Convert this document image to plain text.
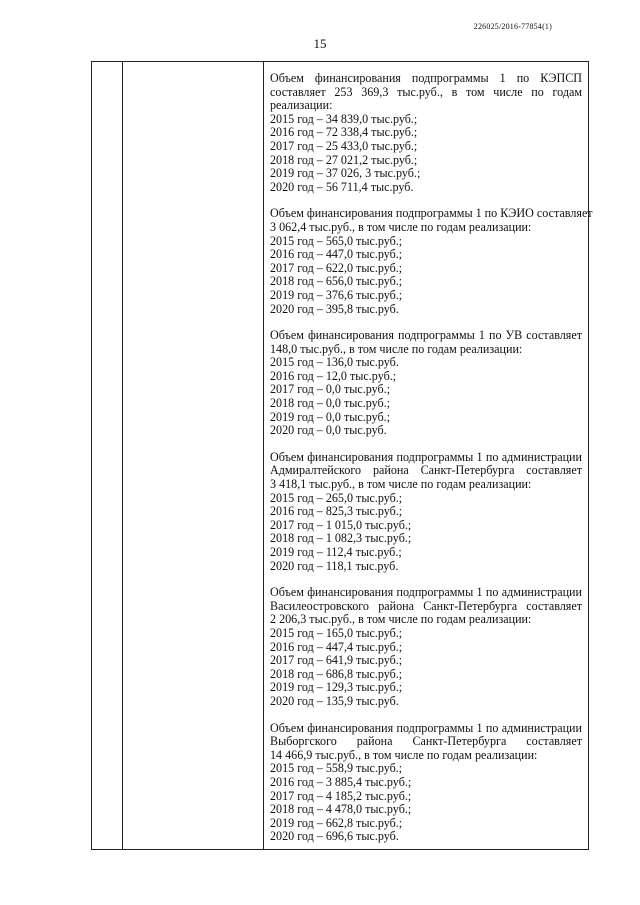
226025/2016-77854(1)
15
Объем финансирования подпрограммы 1 по КЭПСП
составляет 253 369,3 тыс.руб., в том числе по годам
реализации:
2015 год – 34 839,0 тыс.руб.;
2016 год – 72 338,4 тыс.руб.;
2017 год – 25 433,0 тыс.руб.;
2018 год – 27 021,2 тыс.руб.;
2019 год – 37 026, 3 тыс.руб.;
2020 год – 56 711,4 тыс.руб.
Объем финансирования подпрограммы 1 по КЭИО составляет
3 062,4 тыс.руб., в том числе по годам реализации:
2015 год – 565,0 тыс.руб.;
2016 год – 447,0 тыс.руб.;
2017 год – 622,0 тыс.руб.;
2018 год – 656,0 тыс.руб.;
2019 год – 376,6 тыс.руб.;
2020 год – 395,8 тыс.руб.
Объем финансирования подпрограммы 1 по УВ составляет
148,0 тыс.руб., в том числе по годам реализации:
2015 год – 136,0 тыс.руб.
2016 год – 12,0 тыс.руб.;
2017 год – 0,0 тыс.руб.;
2018 год – 0,0 тыс.руб.;
2019 год – 0,0 тыс.руб.;
2020 год – 0,0 тыс.руб.
Объем финансирования подпрограммы 1 по администрации
Адмиралтейского района Санкт-Петербурга составляет
3 418,1 тыс.руб., в том числе по годам реализации:
2015 год – 265,0 тыс.руб.;
2016 год – 825,3 тыс.руб.;
2017 год – 1 015,0 тыс.руб.;
2018 год – 1 082,3 тыс.руб.;
2019 год – 112,4 тыс.руб.;
2020 год – 118,1 тыс.руб.
Объем финансирования подпрограммы 1 по администрации
Василеостровского района Санкт-Петербурга составляет
2 206,3 тыс.руб., в том числе по годам реализации:
2015 год – 165,0 тыс.руб.;
2016 год – 447,4 тыс.руб.;
2017 год – 641,9 тыс.руб.;
2018 год – 686,8 тыс.руб.;
2019 год – 129,3 тыс.руб.;
2020 год – 135,9 тыс.руб.
Объем финансирования подпрограммы 1 по администрации
Выборгского района Санкт-Петербурга составляет
14 466,9 тыс.руб., в том числе по годам реализации:
2015 год – 558,9 тыс.руб.;
2016 год – 3 885,4 тыс.руб.;
2017 год – 4 185,2 тыс.руб.;
2018 год – 4 478,0 тыс.руб.;
2019 год – 662,8 тыс.руб.;
2020 год – 696,6 тыс.руб.
